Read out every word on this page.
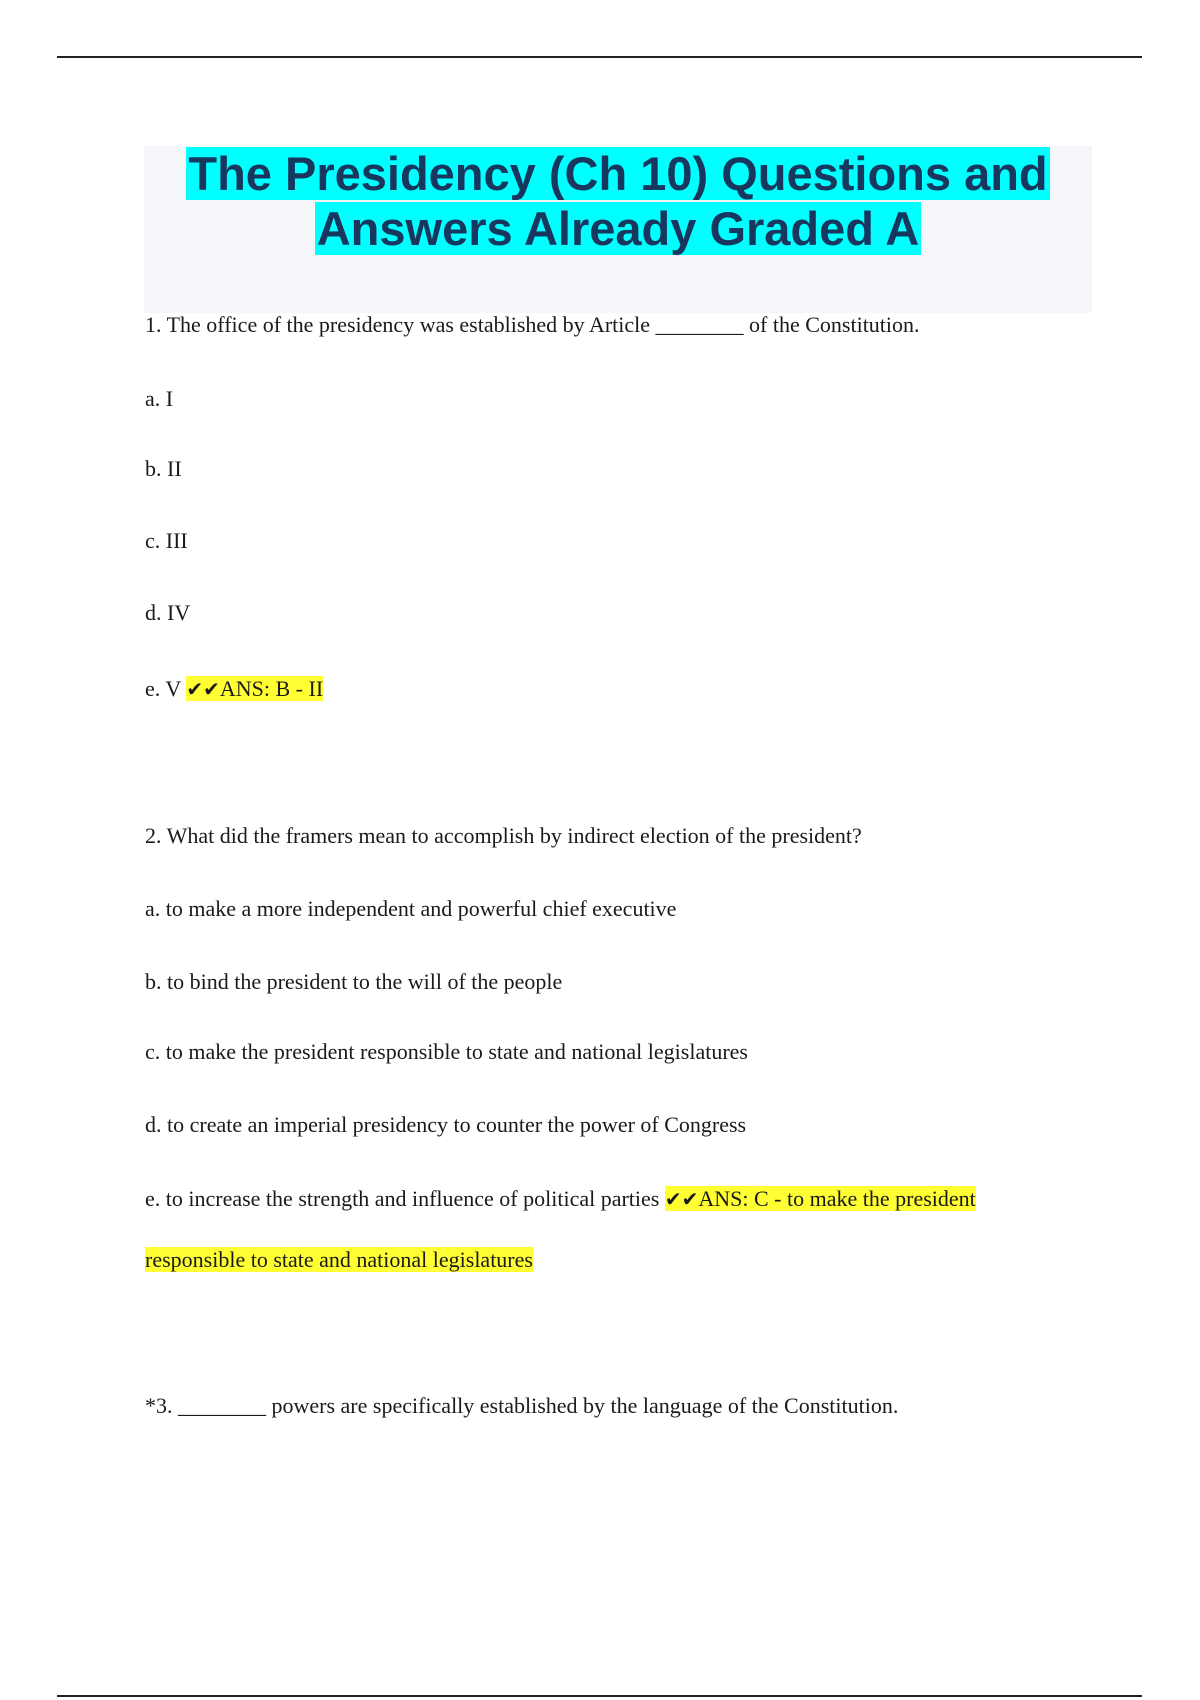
The Presidency (Ch 10) Questions and
Answers Already Graded A

1. The office of the presidency was established by Article ________ of the Constitution.

a. I

b. II

c. III

d. IV

e. V ✔✔ANS: B - II

2. What did the framers mean to accomplish by indirect election of the president?

a. to make a more independent and powerful chief executive

b. to bind the president to the will of the people

c. to make the president responsible to state and national legislatures

d. to create an imperial presidency to counter the power of Congress

e. to increase the strength and influence of political parties ✔✔ANS: C - to make the president

responsible to state and national legislatures

*3. ________ powers are specifically established by the language of the Constitution.
